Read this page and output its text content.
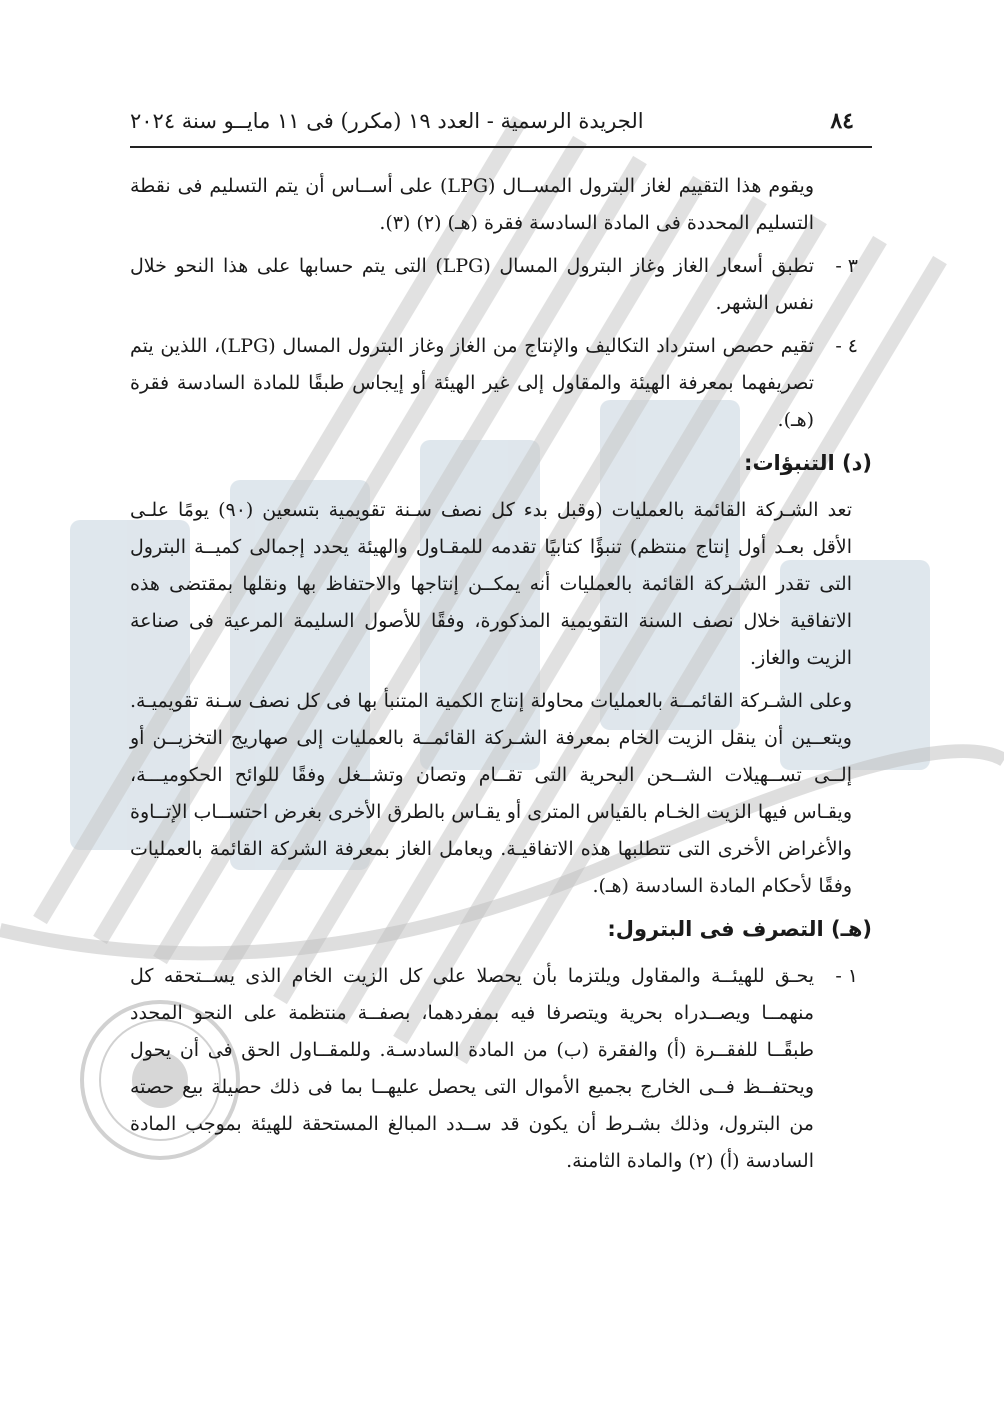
٨٤
الجريدة الرسمية - العدد ١٩ (مكرر) فى ١١ مايــو سنة ٢٠٢٤

ويقوم هذا التقييم لغاز البترول المســال (LPG) على أســاس أن يتم التسليم فى نقطة التسليم المحددة فى المادة السادسة فقرة (هـ) (٢) (٣).

٣ -
تطبق أسعار الغاز وغاز البترول المسال (LPG) التى يتم حسابها على هذا النحو خلال نفس الشهر.
٤ -
تقيم حصص استرداد التكاليف والإنتاج من الغاز وغاز البترول المسال (LPG)، اللذين يتم تصريفهما بمعرفة الهيئة والمقاول إلى غير الهيئة أو إيجاس طبقًا للمادة السادسة فقرة (هـ).
(د) التنبؤات:

تعد الشـركة القائمة بالعمليات (وقبل بدء كل نصف سـنة تقويمية بتسعين (٩٠) يومًا علـى الأقل بعـد أول إنتاج منتظم) تنبؤًا كتابيًا تقدمه للمقـاول والهيئة يحدد إجمالى كميــة البترول التى تقدر الشـركة القائمة بالعمليات أنه يمكــن إنتاجها والاحتفاظ بها ونقلها بمقتضى هذه الاتفاقية خلال نصف السنة التقويمية المذكورة، وفقًا للأصول السليمة المرعية فى صناعة الزيت والغاز.

وعلى الشـركة القائمــة بالعمليات محاولة إنتاج الكمية المتنبأ بها فى كل نصف سـنة تقويميـة. ويتعــين أن ينقل الزيت الخام بمعرفة الشـركة القائمــة بالعمليات إلى صهاريج التخزيــن أو إلــى تســهيلات الشــحن البحرية التى تقــام وتصان وتشــغل وفقًا للوائح الحكوميـــة، ويقـاس فيها الزيت الخـام بالقياس المترى أو يقـاس بالطرق الأخرى بغرض احتســاب الإتــاوة والأغراض الأخرى التى تتطلبها هذه الاتفاقيـة. ويعامل الغاز بمعرفة الشركة القائمة بالعمليات وفقًا لأحكام المادة السادسة (هـ).

(هـ) التصرف فى البترول:
١ -
يحـق للهيئــة والمقاول ويلتزما بأن يحصلا على كل الزيت الخام الذى يســتحقه كل منهمــا ويصــدراه بحرية ويتصرفا فيه بمفردهما، بصفــة منتظمة على النحو المحدد طبقًــا للفقــرة (أ) والفقرة (ب) من المادة السادسـة. وللمقــاول الحق فى أن يحول ويحتفــظ فــى الخارج بجميع الأموال التى يحصل عليهــا بما فى ذلك حصيلة بيع حصته من البترول، وذلك بشـرط أن يكون قد ســدد المبالغ المستحقة للهيئة بموجب المادة السادسة (أ) (٢) والمادة الثامنة.
